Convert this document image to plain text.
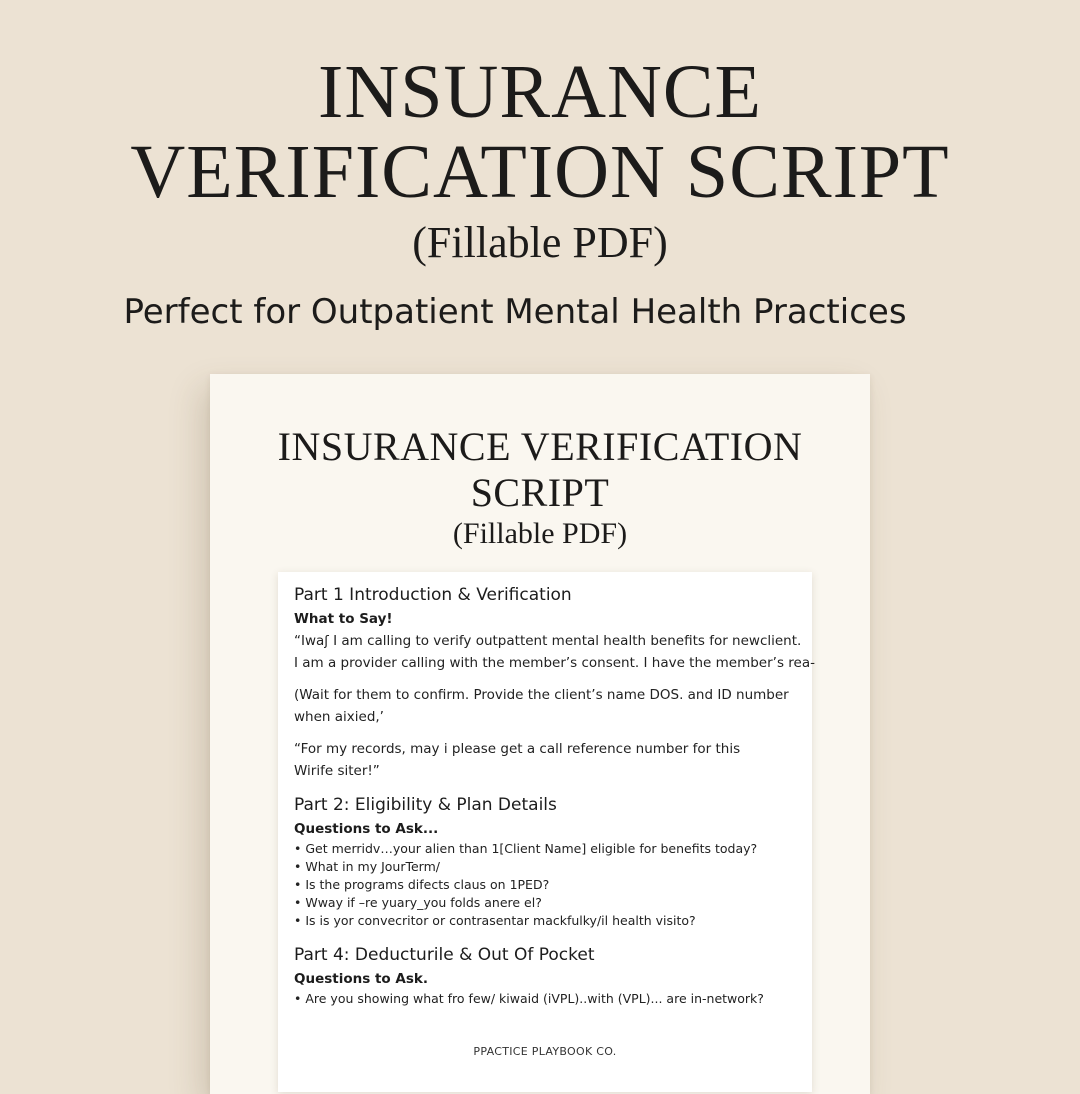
INSURANCE
VERIFICATION SCRIPT
(Fillable PDF)
Perfect for Outpatient Mental Health Practices
INSURANCE VERIFICATION
SCRIPT
(Fillable PDF)
Part 1 Introduction & Verification
What to Say!

“Iwaʃ I am calling to verify outpattent mental health benefits for newclient.

I am a provider calling with the member’s consent. I have the member’s rea-

(Wait for them to confirm. Provide the client’s name DOS. and ID number

when aixied,’

“For my records, may i please get a call reference number for this

Wirife siter!”

Part 2: Eligibility & Plan Details
Questions to Ask...
• Get merridv…your alien than 1[Client Name] eligible for benefits today?
• What in my JourTerm/
• Is the programs difects claus on 1PED?
• Wway if –re yuary_you folds anere el?
• Is is yor convecritor or contrasentar mackfulky/il health visito?
Part 4: Deducturile & Out Of Pocket
Questions to Ask.
• Are you showing what fro few/ kiwaid (iVPL)..with (VPL)... are in-network?
PPACTICE PLAYBOOK CO.
